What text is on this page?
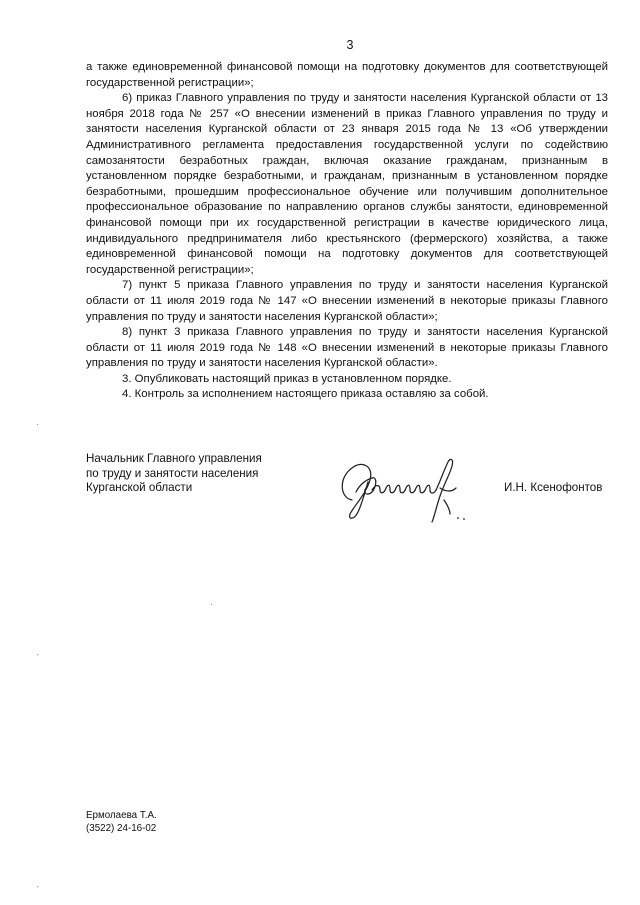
3

а также единовременной финансовой помощи на подготовку документов для соответствующей государственной регистрации»;

6) приказ Главного управления по труду и занятости населения Курганской области от 13 ноября 2018 года № 257 «О внесении изменений в приказ Главного управления по труду и занятости населения Курганской области от 23 января 2015 года № 13 «Об утверждении Административного регламента предоставления государственной услуги по содействию самозанятости безработных граждан, включая оказание гражданам, признанным в установленном порядке безработными, и гражданам, признанным в установленном порядке безработными, прошедшим профессиональное обучение или получившим дополнительное профессиональное образование по направлению органов службы занятости, единовременной финансовой помощи при их государственной регистрации в качестве юридического лица, индивидуального предпринимателя либо крестьянского (фермерского) хозяйства, а также единовременной финансовой помощи на подготовку документов для соответствующей государственной регистрации»;

7) пункт 5 приказа Главного управления по труду и занятости населения Курганской области от 11 июля 2019 года № 147 «О внесении изменений в некоторые приказы Главного управления по труду и занятости населения Курганской области»;

8) пункт 3 приказа Главного управления по труду и занятости населения Курганской области от 11 июля 2019 года № 148 «О внесении изменений в некоторые приказы Главного управления по труду и занятости населения Курганской области».

3. Опубликовать настоящий приказ в установленном порядке.

4. Контроль за исполнением настоящего приказа оставляю за собой.

Начальник Главного управления
по труду и занятости населения
Курганской области	И.Н. Ксенофонтов
Ермолаева Т.А.
(3522) 24-16-02
